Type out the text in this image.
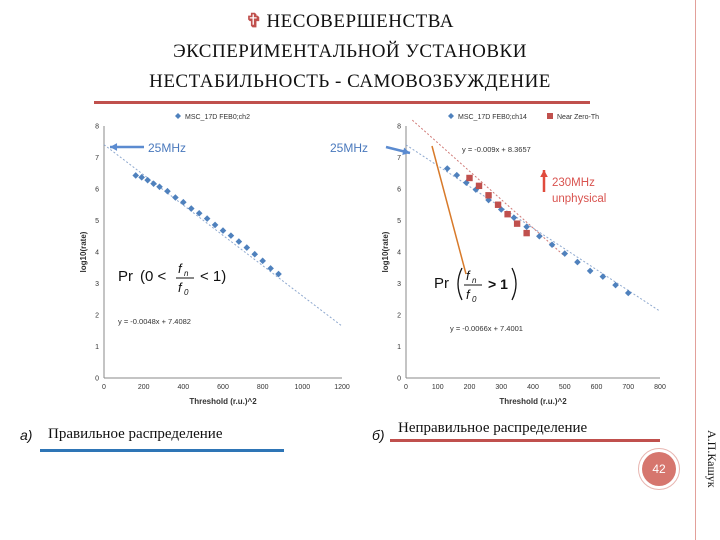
✞ НЕСОВЕРШЕНСТВА
ЭКСПЕРИМЕНТАЛЬНОЙ УСТАНОВКИ
НЕСТАБИЛЬНОСТЬ - САМОВОЗБУЖДЕНИЕ
А.П.Кашук
42
0	200	400	600	800	1000	1200
0
1
2
3
4
5
6
7
8
Threshold (r.u.)^2
log10(rate)
MSC_17D FEB0;ch2
25MHz
y = -0.0048x + 7.4082
Pr (0 < f n
f 0
< 1)
0	100	200	300	400	500	600	700	800
0
1
2
3
4
5
6
7
8
Threshold (r.u.)^2
log10(rate)
MSC_17D FEB0;ch14	Near Zero-Th
y = -0.009x + 8.3657
y = -0.0066x + 7.4001
25MHz
230MHz
unphysical
Pr f n
f 0
> 1
а) Правильное распределение	б) Неправильное распределение
